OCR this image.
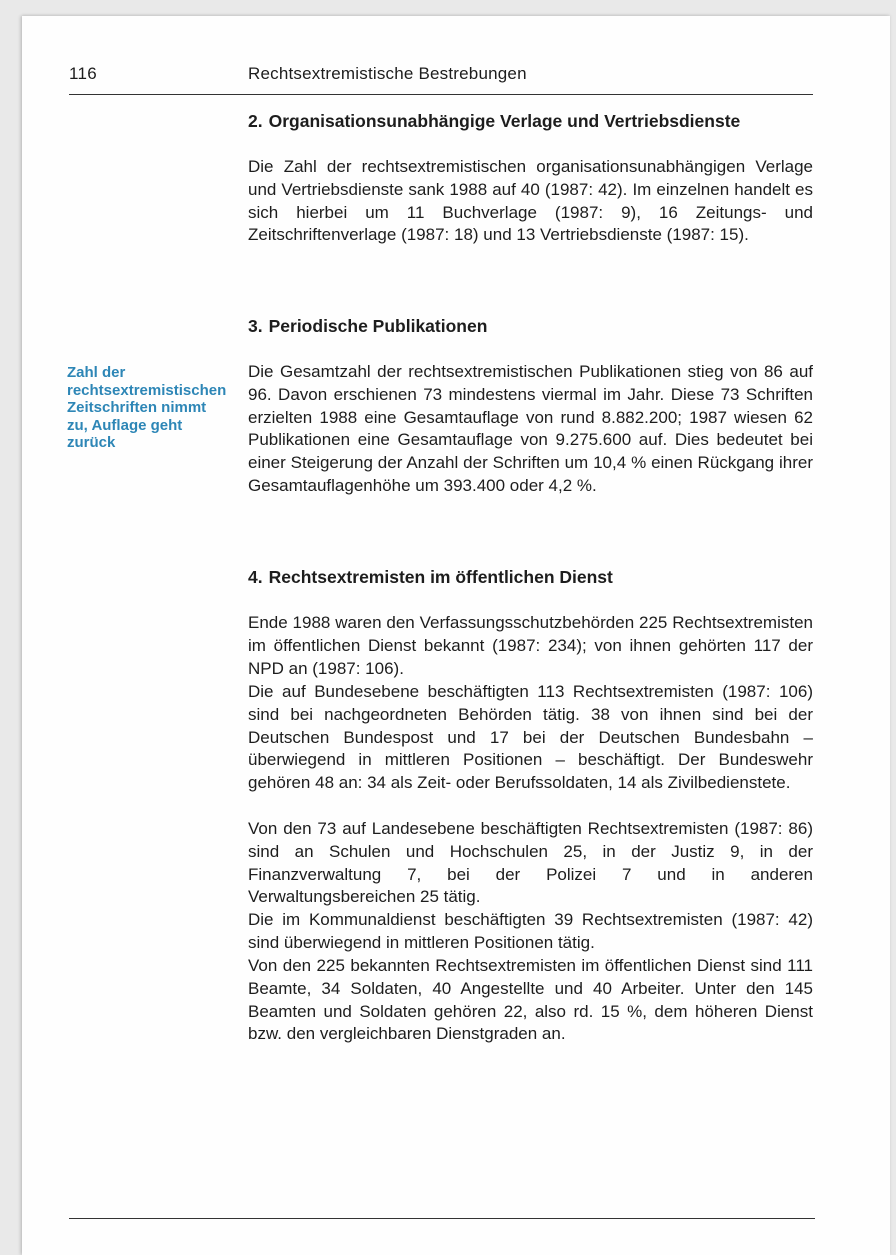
116	Rechtsextremistische Bestrebungen
2. Organisationsunabhängige Verlage und Vertriebsdienste

Die Zahl der rechtsextremistischen organisationsunabhängigen Verlage und Vertriebsdienste sank 1988 auf 40 (1987: 42). Im einzelnen handelt es sich hierbei um 11 Buchverlage (1987: 9), 16 Zeitungs- und Zeitschriftenverlage (1987: 18) und 13 Vertriebsdienste (1987: 15).

3. Periodische Publikationen

Zahl der rechtsextremistischen Zeitschriften nimmt zu, Auflage geht zurück

Die Gesamtzahl der rechtsextremistischen Publikationen stieg von 86 auf 96. Davon erschienen 73 mindestens viermal im Jahr. Diese 73 Schriften erzielten 1988 eine Gesamtauflage von rund 8.882.200; 1987 wiesen 62 Publikationen eine Gesamtauflage von 9.275.600 auf. Dies bedeutet bei einer Steigerung der Anzahl der Schriften um 10,4 % einen Rückgang ihrer Gesamtauflagenhöhe um 393.400 oder 4,2 %.

4. Rechtsextremisten im öffentlichen Dienst

Ende 1988 waren den Verfassungsschutzbehörden 225 Rechtsextremisten im öffentlichen Dienst bekannt (1987: 234); von ihnen gehörten 117 der NPD an (1987: 106).

Die auf Bundesebene beschäftigten 113 Rechtsextremisten (1987: 106) sind bei nachgeordneten Behörden tätig. 38 von ihnen sind bei der Deutschen Bundespost und 17 bei der Deutschen Bundesbahn – überwiegend in mittleren Positionen – beschäftigt. Der Bundeswehr gehören 48 an: 34 als Zeit- oder Berufssoldaten, 14 als Zivilbedienstete.

Von den 73 auf Landesebene beschäftigten Rechtsextremisten (1987: 86) sind an Schulen und Hochschulen 25, in der Justiz 9, in der Finanzverwaltung 7, bei der Polizei 7 und in anderen Verwaltungsbereichen 25 tätig.

Die im Kommunaldienst beschäftigten 39 Rechtsextremisten (1987: 42) sind überwiegend in mittleren Positionen tätig.

Von den 225 bekannten Rechtsextremisten im öffentlichen Dienst sind 111 Beamte, 34 Soldaten, 40 Angestellte und 40 Arbeiter. Unter den 145 Beamten und Soldaten gehören 22, also rd. 15 %, dem höheren Dienst bzw. den vergleichbaren Dienstgraden an.
